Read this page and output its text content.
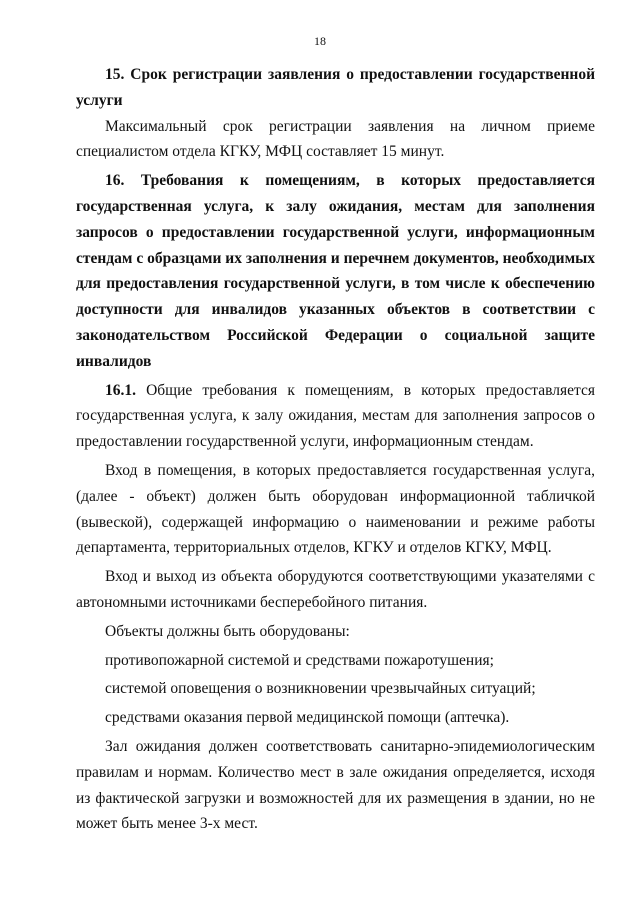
18

15. Срок регистрации заявления о предоставлении государственной услуги

Максимальный срок регистрации заявления на личном приеме специалистом отдела КГКУ, МФЦ составляет 15 минут.

16. Требования к помещениям, в которых предоставляется государственная услуга, к залу ожидания, местам для заполнения запросов о предоставлении государственной услуги, информационным стендам с образцами их заполнения и перечнем документов, необходимых для предоставления государственной услуги, в том числе к обеспечению доступности для инвалидов указанных объектов в соответствии с законодательством Российской Федерации о социальной защите инвалидов

16.1. Общие требования к помещениям, в которых предоставляется государственная услуга, к залу ожидания, местам для заполнения запросов о предоставлении государственной услуги, информационным стендам.

Вход в помещения, в которых предоставляется государственная услуга, (далее - объект) должен быть оборудован информационной табличкой (вывеской), содержащей информацию о наименовании и режиме работы департамента, территориальных отделов, КГКУ и отделов КГКУ, МФЦ.

Вход и выход из объекта оборудуются соответствующими указателями с автономными источниками бесперебойного питания.

Объекты должны быть оборудованы:

противопожарной системой и средствами пожаротушения;

системой оповещения о возникновении чрезвычайных ситуаций;

средствами оказания первой медицинской помощи (аптечка).

Зал ожидания должен соответствовать санитарно-эпидемиологическим правилам и нормам. Количество мест в зале ожидания определяется, исходя из фактической загрузки и возможностей для их размещения в здании, но не может быть менее 3-х мест.
